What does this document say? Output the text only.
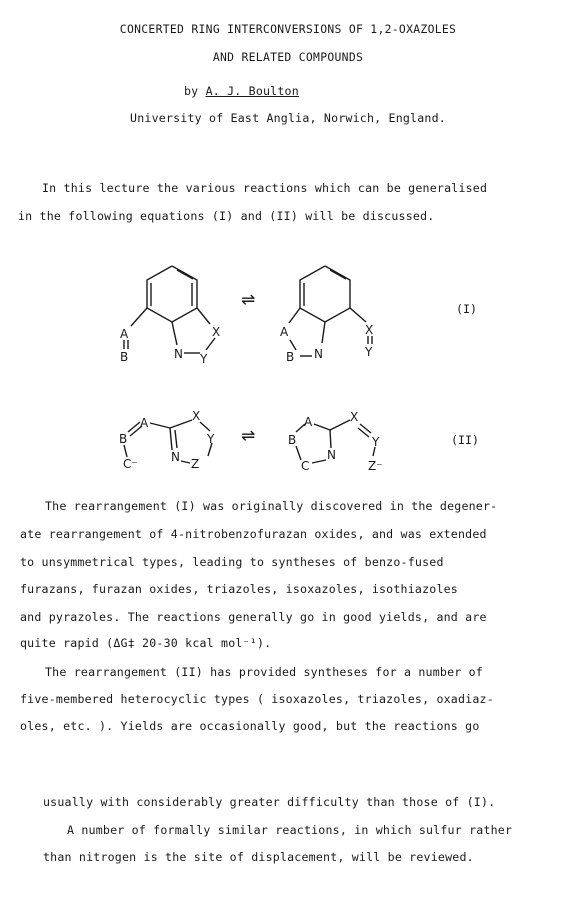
CONCERTED RING INTERCONVERSIONS OF 1,2-OXAZOLES
AND RELATED COMPOUNDS
by A. J. Boulton
University of East Anglia, Norwich, England.
In this lecture the various reactions which can be generalised
in the following equations (I) and (II) will be discussed.
X
N Y
A
B
⇌
A
B N
X
Y
A
B
C⁻	N
X
Y
Z
⇌
A
B
C
N
X
Y
Z⁻
(I)
(II)
The rearrangement (I) was originally discovered in the degener-
ate rearrangement of 4-nitrobenzofurazan oxides, and was extended
to unsymmetrical types, leading to syntheses of benzo-fused
furazans, furazan oxides, triazoles, isoxazoles, isothiazoles
and pyrazoles. The reactions generally go in good yields, and are
quite rapid (ΔG‡ 20-30 kcal mol⁻¹).
The rearrangement (II) has provided syntheses for a number of
five-membered heterocyclic types ( isoxazoles, triazoles, oxadiaz-
oles, etc. ). Yields are occasionally good, but the reactions go
usually with considerably greater difficulty than those of (I).
A number of formally similar reactions, in which sulfur rather
than nitrogen is the site of displacement, will be reviewed.
